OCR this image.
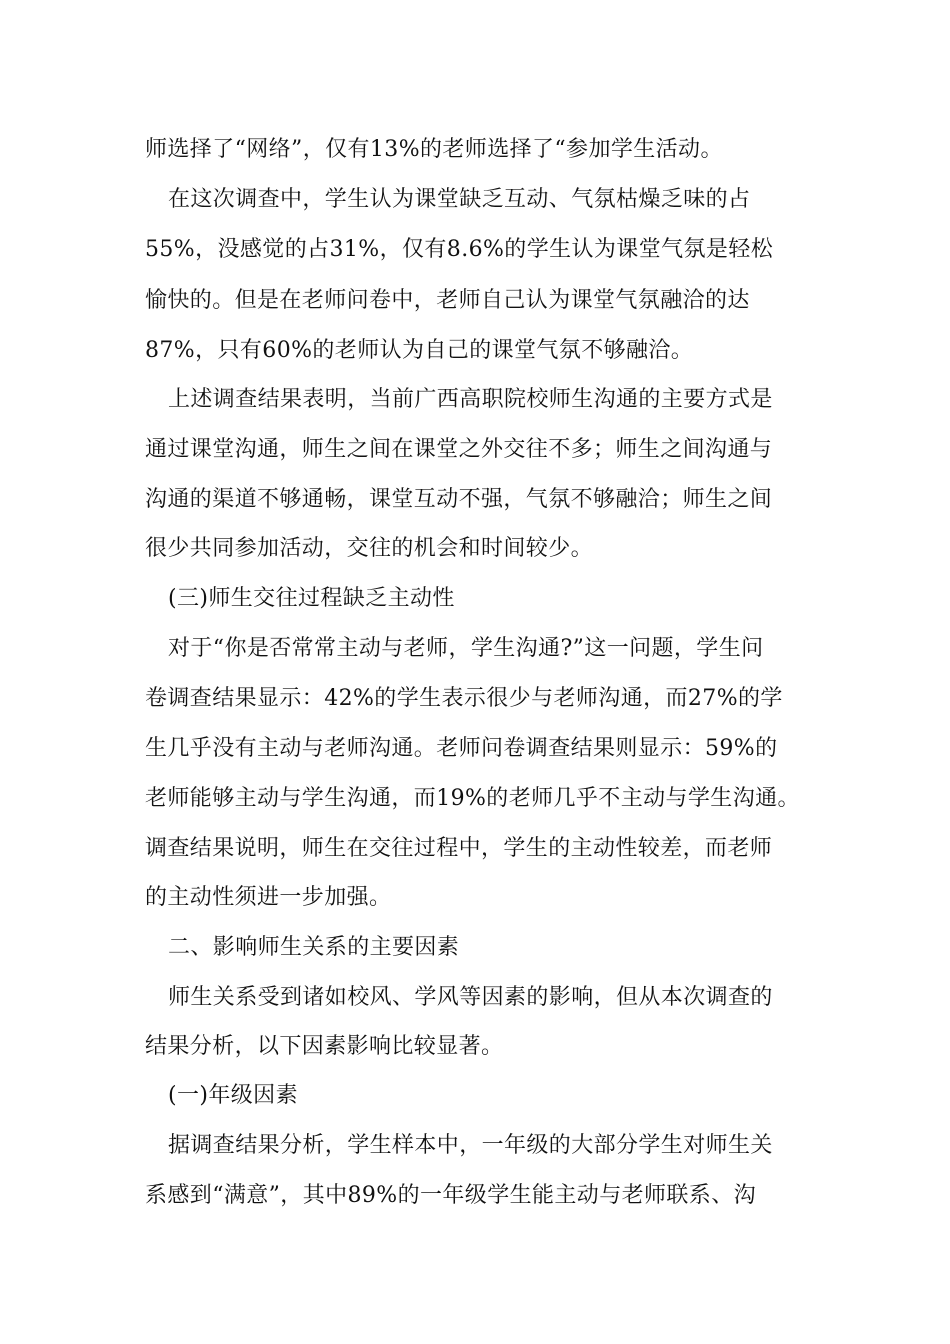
师选择了“网络”，仅有13%的老师选择了“参加学生活动。
在这次调查中，学生认为课堂缺乏互动、气氛枯燥乏味的占
55%，没感觉的占31%，仅有8.6%的学生认为课堂气氛是轻松
愉快的。但是在老师问卷中，老师自己认为课堂气氛融洽的达
87%，只有60%的老师认为自己的课堂气氛不够融洽。
上述调查结果表明，当前广西高职院校师生沟通的主要方式是
通过课堂沟通，师生之间在课堂之外交往不多；师生之间沟通与
沟通的渠道不够通畅，课堂互动不强，气氛不够融洽；师生之间
很少共同参加活动，交往的机会和时间较少。
(三)师生交往过程缺乏主动性
对于“你是否常常主动与老师，学生沟通?”这一问题，学生问
卷调查结果显示：42%的学生表示很少与老师沟通，而27%的学
生几乎没有主动与老师沟通。老师问卷调查结果则显示：59%的
老师能够主动与学生沟通，而19%的老师几乎不主动与学生沟通。
调查结果说明，师生在交往过程中，学生的主动性较差，而老师
的主动性须进一步加强。
二、影响师生关系的主要因素
师生关系受到诸如校风、学风等因素的影响，但从本次调查的
结果分析，以下因素影响比较显著。
(一)年级因素
据调查结果分析，学生样本中，一年级的大部分学生对师生关
系感到“满意”，其中89%的一年级学生能主动与老师联系、沟
